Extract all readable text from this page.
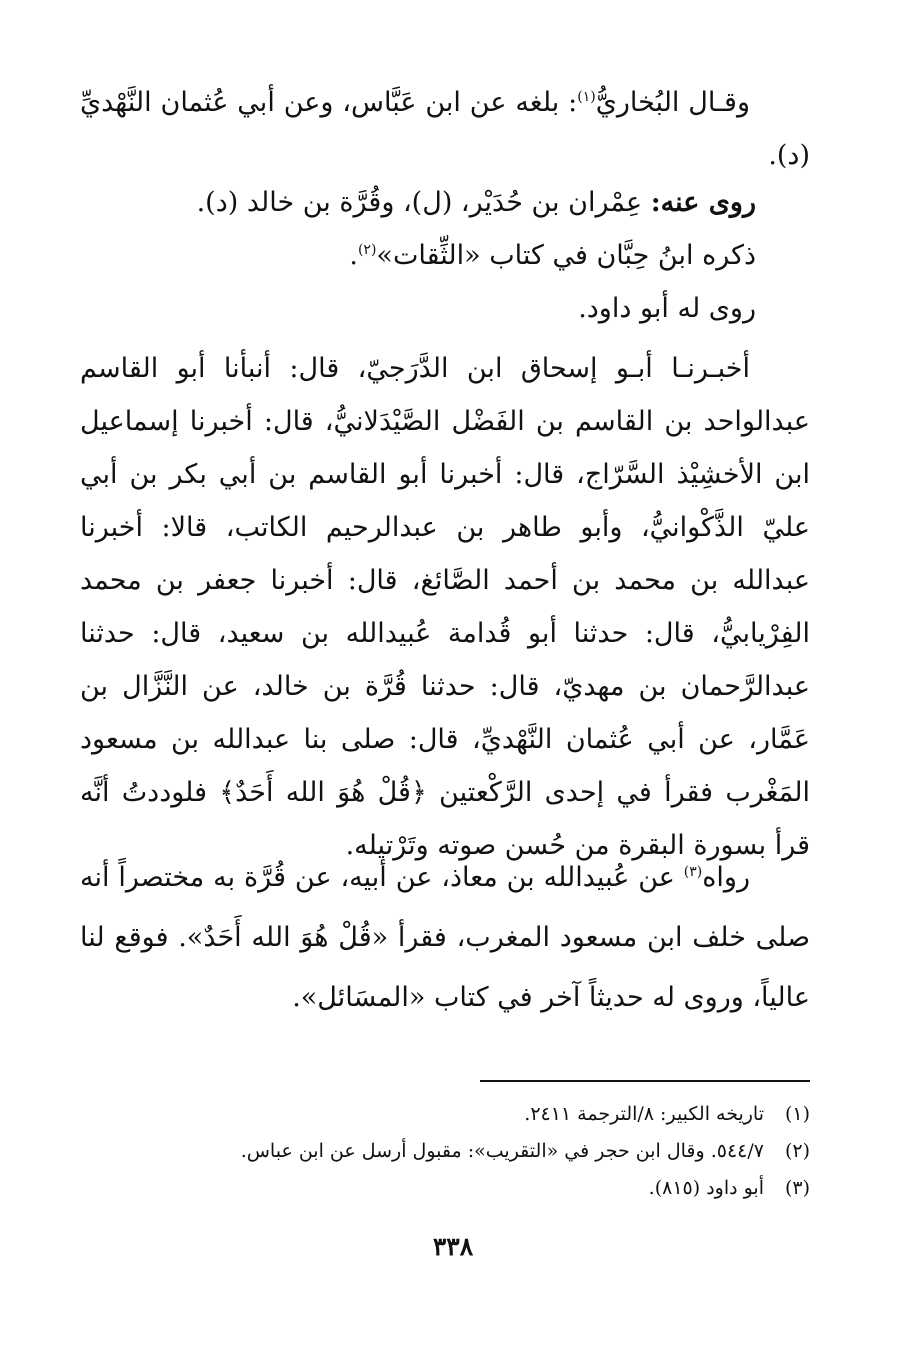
وقـال البُخاريُّ$^{(١)}$: بلغه عن ابن عَبَّاس، وعن أبي عُثمان النَّهْديِّ (د).
روى عنه: عِمْران بن حُدَيْر، (ل)، وقُرَّة بن خالد (د).
ذكره ابنُ حِبَّان في كتاب «الثِّقات»$^{(٢)}$.
روى له أبو داود.

أخبـرنـا أبـو إسحاق ابن الدَّرَجيّ، قال: أنبأنا أبو القاسم عبدالواحد بن القاسم بن الفَضْل الصَّيْدَلانيُّ، قال: أخبرنا إسماعيل ابن الأخشِيْذ السَّرّاج، قال: أخبرنا أبو القاسم بن أبي بكر بن أبي عليّ الذَّكْوانيُّ، وأبو طاهر بن عبدالرحيم الكاتب، قالا: أخبرنا عبدالله بن محمد بن أحمد الصَّائغ، قال: أخبرنا جعفر بن محمد الفِرْيابيُّ، قال: حدثنا أبو قُدامة عُبيدالله بن سعيد، قال: حدثنا عبدالرَّحمان بن مهديّ، قال: حدثنا قُرَّة بن خالد، عن النَّزَّال بن عَمَّار، عن أبي عُثمان النَّهْديِّ، قال: صلى بنا عبدالله بن مسعود المَغْرب فقرأ في إحدى الرَّكْعتين ﴿قُلْ هُوَ الله أَحَدٌ﴾ فلوددتُ أنَّه قرأ بسورة البقرة من حُسن صوته وتَرْتيله.

رواه$^{(٣)}$ عن عُبيدالله بن معاذ، عن أبيه، عن قُرَّة به مختصراً أنه صلى خلف ابن مسعود المغرب، فقرأ «قُلْ هُوَ الله أَحَدٌ». فوقع لنا عالياً، وروى له حديثاً آخر في كتاب «المسَائل».
(١)تاريخه الكبير: ٨/الترجمة ٢٤١١.
(٢)٥٤٤/٧. وقال ابن حجر في «التقريب»: مقبول أرسل عن ابن عباس.
(٣)أبو داود (٨١٥).
٣٣٨
